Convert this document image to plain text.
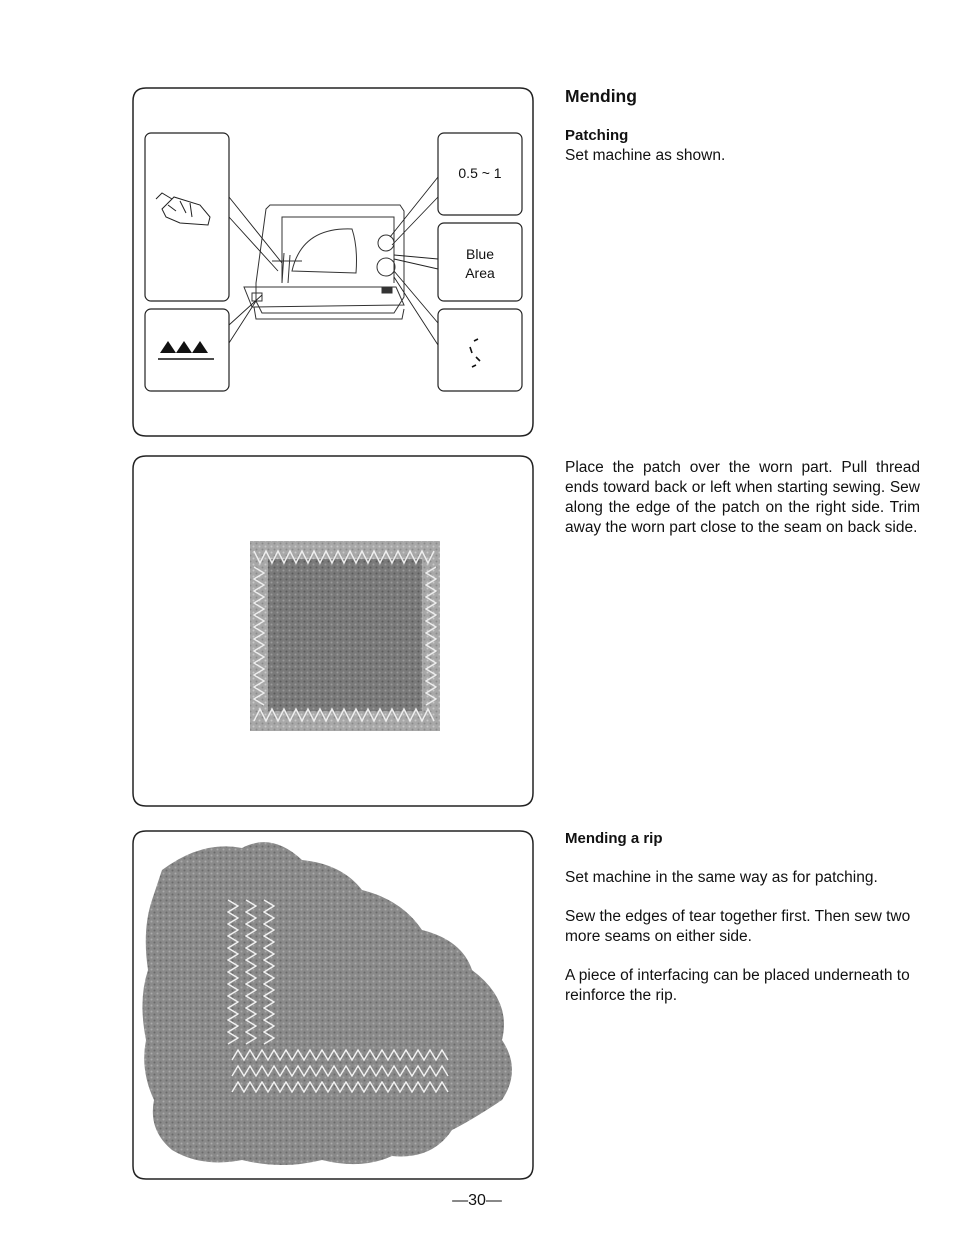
0.5 ~ 1
Blue
Area
Mending
Patching

Set machine as shown.

Place the patch over the worn part. Pull thread ends toward back or left when starting sewing. Sew along the edge of the patch on the right side. Trim away the worn part close to the seam on back side.
Mending a rip

Set machine in the same way as for patching.

Sew the edges of tear together first. Then sew two more seams on either side.

A piece of interfacing can be placed underneath to reinforce the rip.

—30—
